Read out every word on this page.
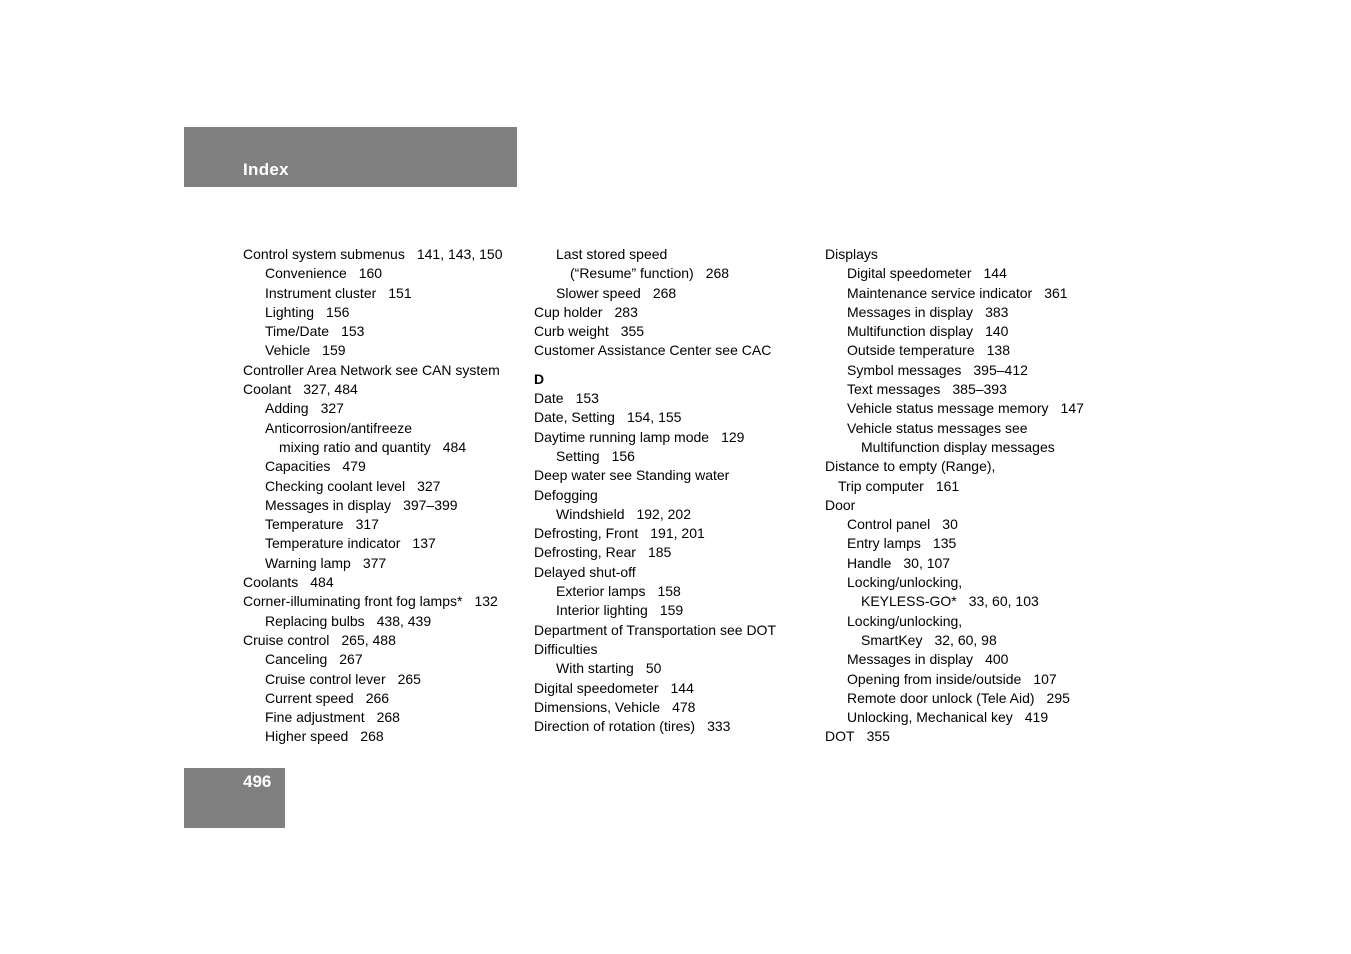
Index
Control system submenus 141, 143, 150
Convenience 160
Instrument cluster 151
Lighting 156
Time/Date 153
Vehicle 159
Controller Area Network see CAN system
Coolant 327, 484
Adding 327
Anticorrosion/antifreeze
mixing ratio and quantity 484
Capacities 479
Checking coolant level 327
Messages in display 397–399
Temperature 317
Temperature indicator 137
Warning lamp 377
Coolants 484
Corner-illuminating front fog lamps* 132
Replacing bulbs 438, 439
Cruise control 265, 488
Canceling 267
Cruise control lever 265
Current speed 266
Fine adjustment 268
Higher speed 268
Last stored speed
(“Resume” function) 268
Slower speed 268
Cup holder 283
Curb weight 355
Customer Assistance Center see CAC
D
Date 153
Date, Setting 154, 155
Daytime running lamp mode 129
Setting 156
Deep water see Standing water
Defogging
Windshield 192, 202
Defrosting, Front 191, 201
Defrosting, Rear 185
Delayed shut-off
Exterior lamps 158
Interior lighting 159
Department of Transportation see DOT
Difficulties
With starting 50
Digital speedometer 144
Dimensions, Vehicle 478
Direction of rotation (tires) 333
Displays
Digital speedometer 144
Maintenance service indicator 361
Messages in display 383
Multifunction display 140
Outside temperature 138
Symbol messages 395–412
Text messages 385–393
Vehicle status message memory 147
Vehicle status messages see
Multifunction display messages
Distance to empty (Range),
Trip computer 161
Door
Control panel 30
Entry lamps 135
Handle 30, 107
Locking/unlocking,
KEYLESS-GO* 33, 60, 103
Locking/unlocking,
SmartKey 32, 60, 98
Messages in display 400
Opening from inside/outside 107
Remote door unlock (Tele Aid) 295
Unlocking, Mechanical key 419
DOT 355
496
